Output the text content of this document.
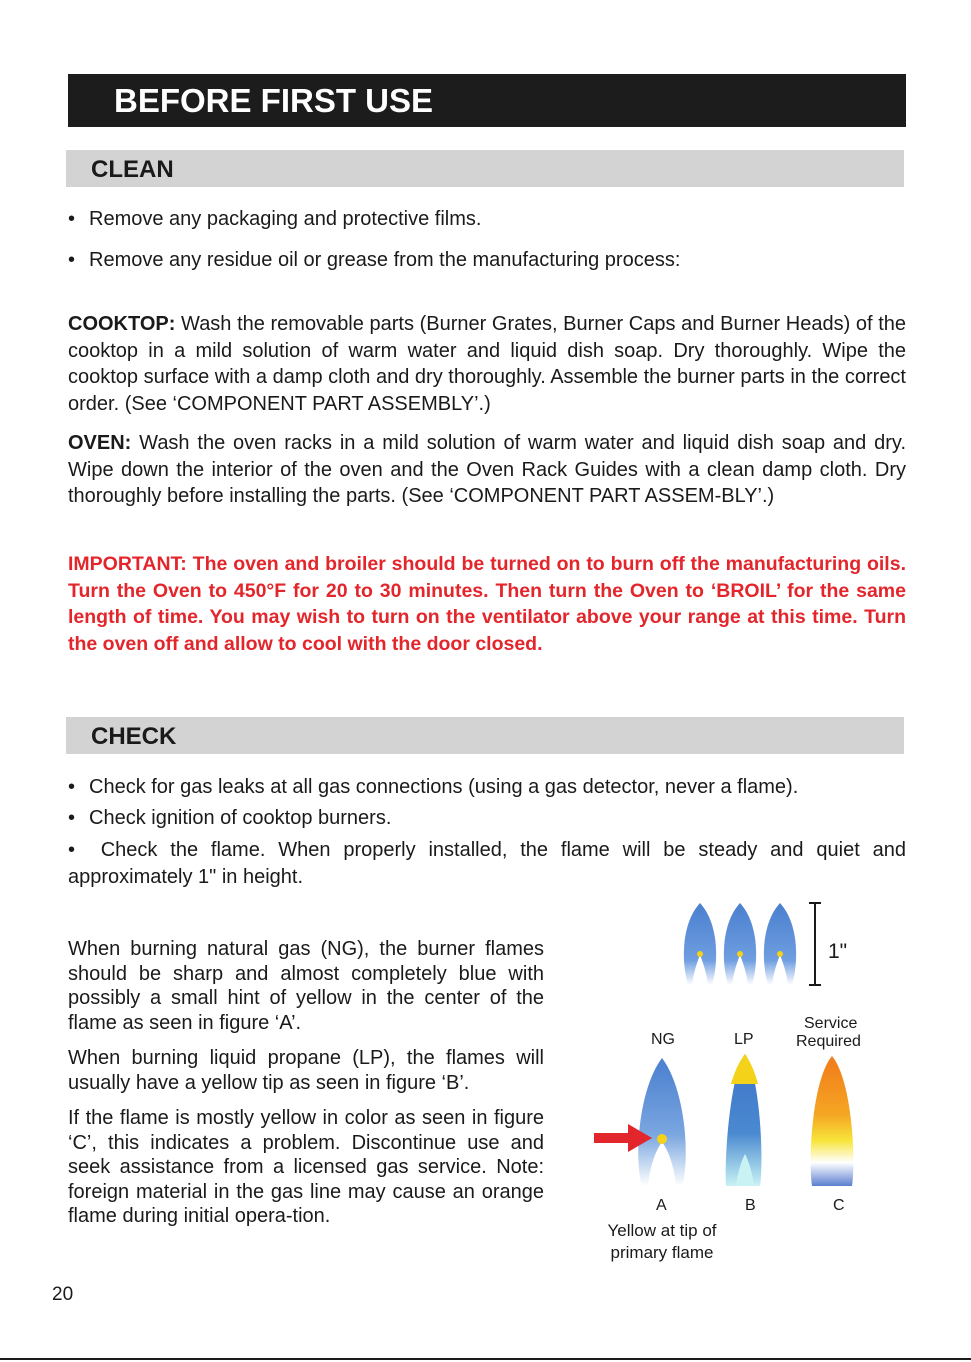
BEFORE FIRST USE
CLEAN
• Remove any packaging and protective films.
• Remove any residue oil or grease from the manufacturing process:

COOKTOP: Wash the removable parts (Burner Grates, Burner Caps and Burner Heads) of the cooktop in a mild solution of warm water and liquid dish soap. Dry thoroughly. Wipe the cooktop surface with a damp cloth and dry thoroughly. Assemble the burner parts in the correct order. (See ‘COMPONENT PART ASSEMBLY’.)

OVEN: Wash the oven racks in a mild solution of warm water and liquid dish soap and dry. Wipe down the interior of the oven and the Oven Rack Guides with a clean damp cloth. Dry thoroughly before installing the parts. (See ‘COMPONENT PART ASSEM-BLY’.)

IMPORTANT: The oven and broiler should be turned on to burn off the manufacturing oils. Turn the Oven to 450°F for 20 to 30 minutes. Then turn the Oven to ‘BROIL’ for the same length of time. You may wish to turn on the ventilator above your range at this time. Turn the oven off and allow to cool with the door closed.

CHECK
• Check for gas leaks at all gas connections (using a gas detector, never a flame).
• Check ignition of cooktop burners.

•  Check the flame. When properly installed, the flame will be steady and quiet and approximately 1" in height.

When burning natural gas (NG), the burner flames should be sharp and almost completely blue with possibly a small hint of yellow in the center of the flame as seen in figure ‘A’.

When burning liquid propane (LP), the flames will usually have a yellow tip as seen in figure ‘B’.

If the flame is mostly yellow in color as seen in figure ‘C’, this indicates a problem. Discontinue use and seek assistance from a licensed gas service. Note: foreign material in the gas line may cause an orange flame during initial opera-tion.

1"
NG	LP
Service
Required
A	B	C
Yellow at tip of
primary flame
20
